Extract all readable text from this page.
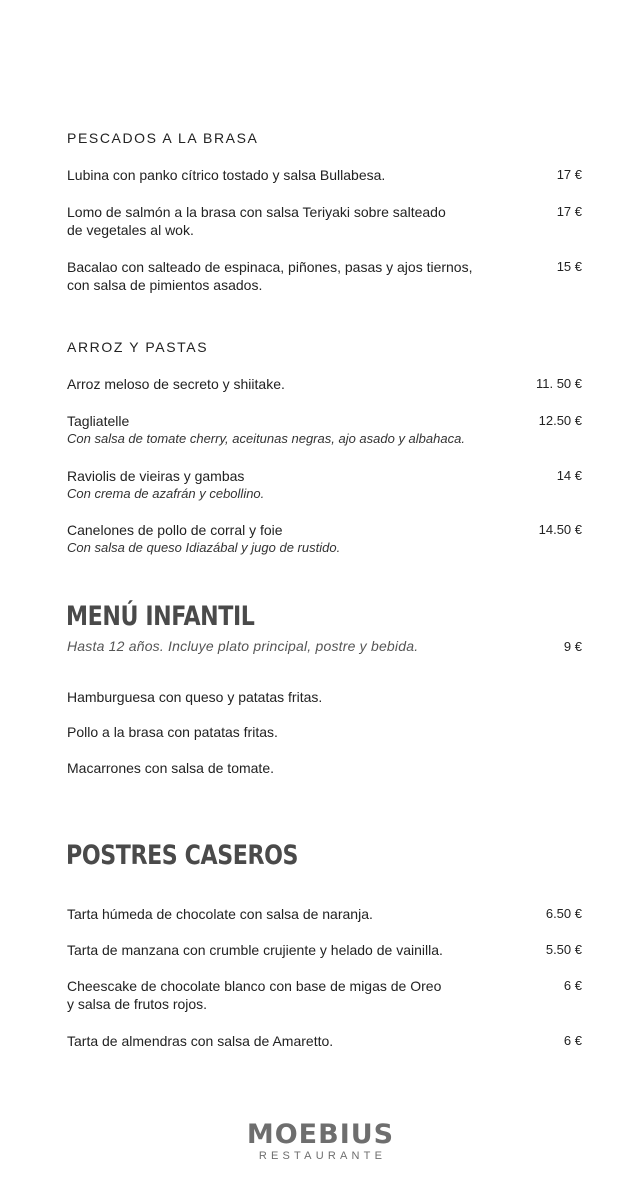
PESCADOS A LA BRASA
Lubina con panko cítrico tostado y salsa Bullabesa.	17 €
Lomo de salmón a la brasa con salsa Teriyaki sobre salteado
de vegetales al wok.
17 €
Bacalao con salteado de espinaca, piñones, pasas y ajos tiernos,
con salsa de pimientos asados.
15 €
ARROZ Y PASTAS
Arroz meloso de secreto y shiitake.	11. 50 €
Tagliatelle
Con salsa de tomate cherry, aceitunas negras, ajo asado y albahaca.
12.50 €
Raviolis de vieiras y gambas
Con crema de azafrán y cebollino.
14 €
Canelones de pollo de corral y foie
Con salsa de queso Idiazábal y jugo de rustido.
14.50 €
MENÚ INFANTIL
Hasta 12 años. Incluye plato principal, postre y bebida.	9 €
Hamburguesa con queso y patatas fritas.
Pollo a la brasa con patatas fritas.
Macarrones con salsa de tomate.
POSTRES CASEROS
Tarta húmeda de chocolate con salsa de naranja.	6.50 €
Tarta de manzana con crumble crujiente y helado de vainilla.	5.50 €
Cheescake de chocolate blanco con base de migas de Oreo
y salsa de frutos rojos.
6 €
Tarta de almendras con salsa de Amaretto.	6 €
MOEBIUS
RESTAURANTE
